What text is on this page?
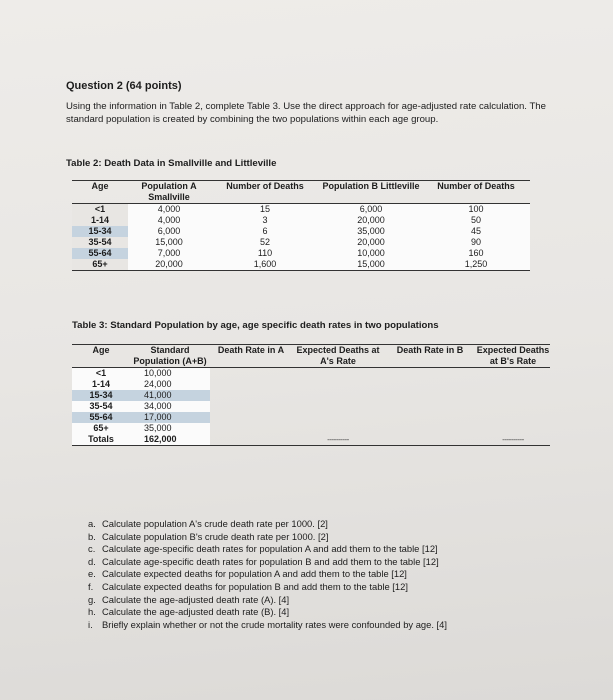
Question 2 (64 points)
Using the information in Table 2, complete Table 3. Use the direct approach for age-adjusted rate calculation. The standard population is created by combining the two populations within each age group.
Table 2: Death Data in Smallville and Littleville
Age	Population A Smallville	Number of Deaths	Population B Littleville	Number of Deaths
<1	4,000	15	6,000	100
1-14	4,000	3	20,000	50
15-34	6,000	6	35,000	45
35-54	15,000	52	20,000	90
55-64	7,000	110	10,000	160
65+	20,000	1,600	15,000	1,250
Table 3: Standard Population by age, age specific death rates in two populations
Age	Standard Population (A+B)	Death Rate in A	Expected Deaths at A's Rate	Death Rate in B	Expected Deaths at B's Rate
<1	10,000				
1-14	24,000				
15-34	41,000				
35-54	34,000				
55-64	17,000				
65+	35,000				
Totals	162,000		----------		----------
a. Calculate population A's crude death rate per 1000. [2]
b. Calculate population B's crude death rate per 1000. [2]
c. Calculate age-specific death rates for population A and add them to the table [12]
d. Calculate age-specific death rates for population B and add them to the table [12]
e. Calculate expected deaths for population A and add them to the table [12]
f. Calculate expected deaths for population B and add them to the table [12]
g. Calculate the age-adjusted death rate (A). [4]
h. Calculate the age-adjusted death rate (B). [4]
i. Briefly explain whether or not the crude mortality rates were confounded by age. [4]
